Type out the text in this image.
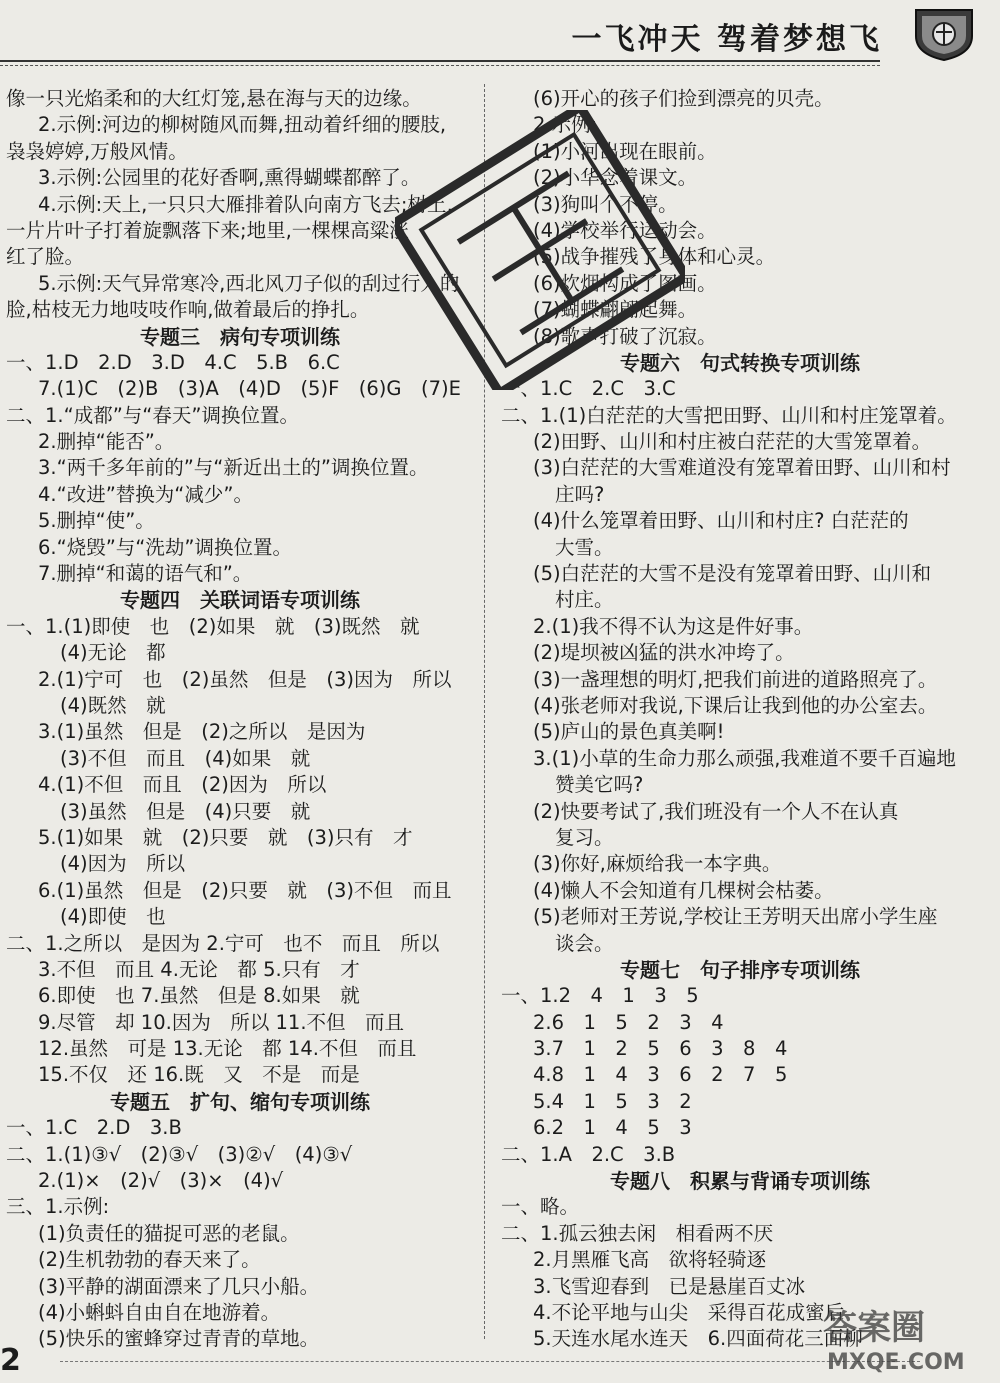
一飞冲天 驾着梦想飞
像一只光焰柔和的大红灯笼,悬在海与天的边缘。
2.示例:河边的柳树随风而舞,扭动着纤细的腰肢,
袅袅婷婷,万般风情。
3.示例:公园里的花好香啊,熏得蝴蝶都醉了。
4.示例:天上,一只只大雁排着队向南方飞去;树上,
一片片叶子打着旋飘落下来;地里,一棵棵高粱涨
红了脸。
5.示例:天气异常寒冷,西北风刀子似的刮过行人的
脸,枯枝无力地吱吱作响,做着最后的挣扎。
专题三　病句专项训练
一、1.D　2.D　3.D　4.C　5.B　6.C
7.(1)C　(2)B　(3)A　(4)D　(5)F　(6)G　(7)E
二、1.“成都”与“春天”调换位置。
2.删掉“能否”。
3.“两千多年前的”与“新近出土的”调换位置。
4.“改进”替换为“减少”。
5.删掉“使”。
6.“烧毁”与“洗劫”调换位置。
7.删掉“和蔼的语气和”。
专题四　关联词语专项训练
一、1.(1)即使　也　(2)如果　就　(3)既然　就
(4)无论　都
2.(1)宁可　也　(2)虽然　但是　(3)因为　所以
(4)既然　就
3.(1)虽然　但是　(2)之所以　是因为
(3)不但　而且　(4)如果　就
4.(1)不但　而且　(2)因为　所以
(3)虽然　但是　(4)只要　就
5.(1)如果　就　(2)只要　就　(3)只有　才
(4)因为　所以
6.(1)虽然　但是　(2)只要　就　(3)不但　而且
(4)即使　也
二、1.之所以　是因为 2.宁可　也不　而且　所以
3.不但　而且 4.无论　都 5.只有　才
6.即使　也 7.虽然　但是 8.如果　就
9.尽管　却 10.因为　所以 11.不但　而且
12.虽然　可是 13.无论　都 14.不但　而且
15.不仅　还 16.既　又　不是　而是
专题五　扩句、缩句专项训练
一、1.C　2.D　3.B
二、1.(1)③√　(2)③√　(3)②√　(4)③√
2.(1)×　(2)√　(3)×　(4)√
三、1.示例:
(1)负责任的猫捉可恶的老鼠。
(2)生机勃勃的春天来了。
(3)平静的湖面漂来了几只小船。
(4)小蝌蚪自由自在地游着。
(5)快乐的蜜蜂穿过青青的草地。
(6)开心的孩子们捡到漂亮的贝壳。
2.示例:
(1)小河出现在眼前。
(2)小华念着课文。
(3)狗叫个不停。
(4)学校举行运动会。
(5)战争摧残了身体和心灵。
(6)炊烟构成了图画。
(7)蝴蝶翩翩起舞。
(8)歌声打破了沉寂。
专题六　句式转换专项训练
一、1.C　2.C　3.C
二、1.(1)白茫茫的大雪把田野、山川和村庄笼罩着。
(2)田野、山川和村庄被白茫茫的大雪笼罩着。
(3)白茫茫的大雪难道没有笼罩着田野、山川和村
庄吗?
(4)什么笼罩着田野、山川和村庄? 白茫茫的
大雪。
(5)白茫茫的大雪不是没有笼罩着田野、山川和
村庄。
2.(1)我不得不认为这是件好事。
(2)堤坝被凶猛的洪水冲垮了。
(3)一盏理想的明灯,把我们前进的道路照亮了。
(4)张老师对我说,下课后让我到他的办公室去。
(5)庐山的景色真美啊!
3.(1)小草的生命力那么顽强,我难道不要千百遍地
赞美它吗?
(2)快要考试了,我们班没有一个人不在认真
复习。
(3)你好,麻烦给我一本字典。
(4)懒人不会知道有几棵树会枯萎。
(5)老师对王芳说,学校让王芳明天出席小学生座
谈会。
专题七　句子排序专项训练
一、1.2　4　1　3　5
2.6　1　5　2　3　4
3.7　1　2　5　6　3　8　4
4.8　1　4　3　6　2　7　5
5.4　1　5　3　2
6.2　1　4　5　3
二、1.A　2.C　3.B
专题八　积累与背诵专项训练
一、略。
二、1.孤云独去闲　相看两不厌
2.月黑雁飞高　欲将轻骑逐
3.飞雪迎春到　已是悬崖百丈冰
4.不论平地与山尖　采得百花成蜜后
5.天连水尾水连天　6.四面荷花三面柳
2
答案圈
MXQE.COM
